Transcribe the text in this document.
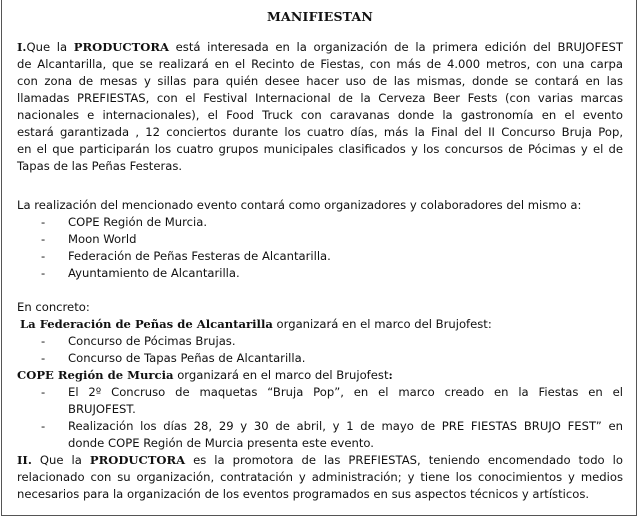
MANIFIESTAN
I.Que la PRODUCTORA está interesada en la organización de la primera edición del BRUJOFEST
de Alcantarilla, que se realizará en el Recinto de Fiestas, con más de 4.000 metros, con una carpa
con zona de mesas y sillas para quién desee hacer uso de las mismas, donde se contará en las
llamadas PREFIESTAS, con el Festival Internacional de la Cerveza Beer Fests (con varias marcas
nacionales e internacionales), el Food Truck con caravanas donde la gastronomía en el evento
estará garantizada , 12 conciertos durante los cuatro días, más la Final del II Concurso Bruja Pop,
en el que participarán los cuatro grupos municipales clasificados y los concursos de Pócimas y el de
Tapas de las Peñas Festeras.
La realización del mencionado evento contará como organizadores y colaboradores del mismo a:
- COPE Región de Murcia.
- Moon World
- Federación de Peñas Festeras de Alcantarilla.
- Ayuntamiento de Alcantarilla.
En concreto:
La Federación de Peñas de Alcantarilla organizará en el marco del Brujofest:
- Concurso de Pócimas Brujas.
- Concurso de Tapas Peñas de Alcantarilla.
COPE Región de Murcia organizará en el marco del Brujofest:
- El 2º Concruso de maquetas “Bruja Pop”, en el marco creado en la Fiestas en el
BRUJOFEST.
- Realización los días 28, 29 y 30 de abril, y 1 de mayo de PRE FIESTAS BRUJO FEST” en
donde COPE Región de Murcia presenta este evento.
II. Que la PRODUCTORA es la promotora de las PREFIESTAS, teniendo encomendado todo lo
relacionado con su organización, contratación y administración; y tiene los conocimientos y medios
necesarios para la organización de los eventos programados en sus aspectos técnicos y artísticos.
